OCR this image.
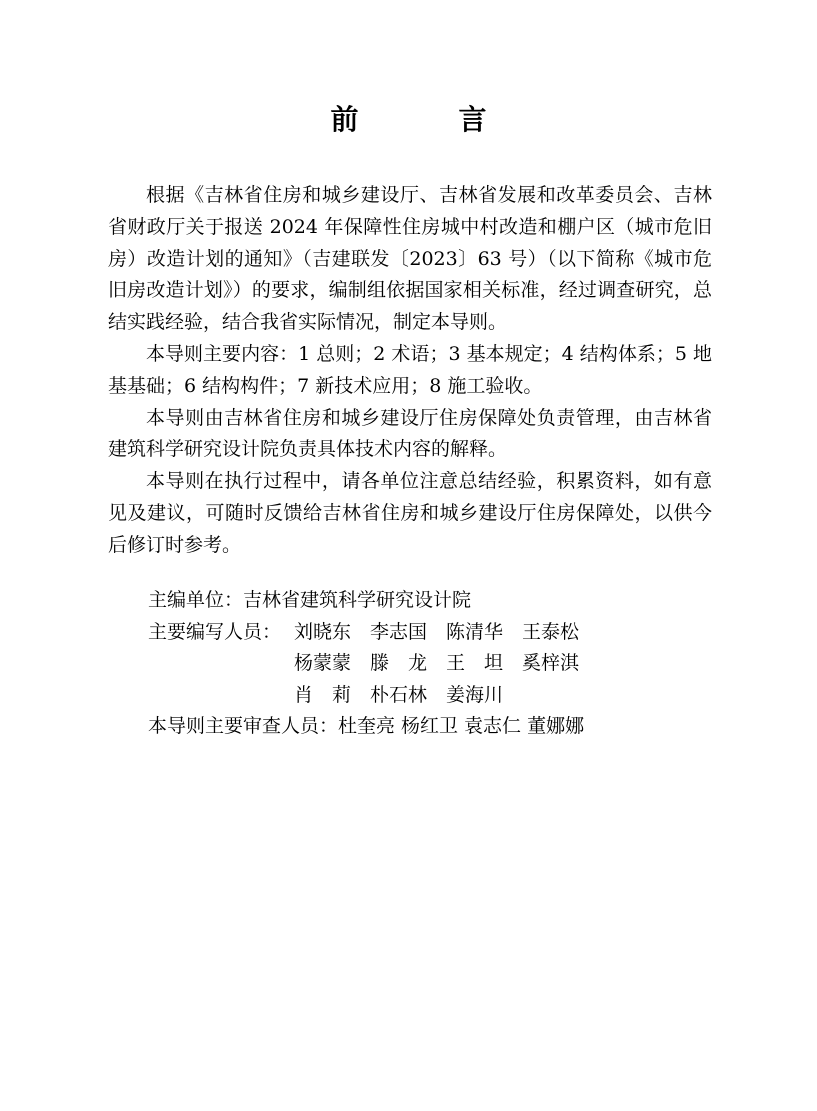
前　言

根据《吉林省住房和城乡建设厅、吉林省发展和改革委员会、吉林省财政厅关于报送 2024 年保障性住房城中村改造和棚户区（城市危旧房）改造计划的通知》（吉建联发〔2023〕63 号）（以下简称《城市危旧房改造计划》）的要求，编制组依据国家相关标准，经过调查研究，总结实践经验，结合我省实际情况，制定本导则。

本导则主要内容：1 总则；2 术语；3 基本规定；4 结构体系；5 地基基础；6 结构构件；7 新技术应用；8 施工验收。

本导则由吉林省住房和城乡建设厅住房保障处负责管理，由吉林省建筑科学研究设计院负责具体技术内容的解释。

本导则在执行过程中，请各单位注意总结经验，积累资料，如有意见及建议，可随时反馈给吉林省住房和城乡建设厅住房保障处，以供今后修订时参考。

主编单位： 吉林省建筑科学研究设计院
主要编写人员： 刘晓东 李志国 陈清华 王泰松
杨蒙蒙 滕　龙 王　坦 奚梓淇
肖　莉 朴石林 姜海川
本导则主要审查人员： 杜奎亮 杨红卫 袁志仁 董娜娜
